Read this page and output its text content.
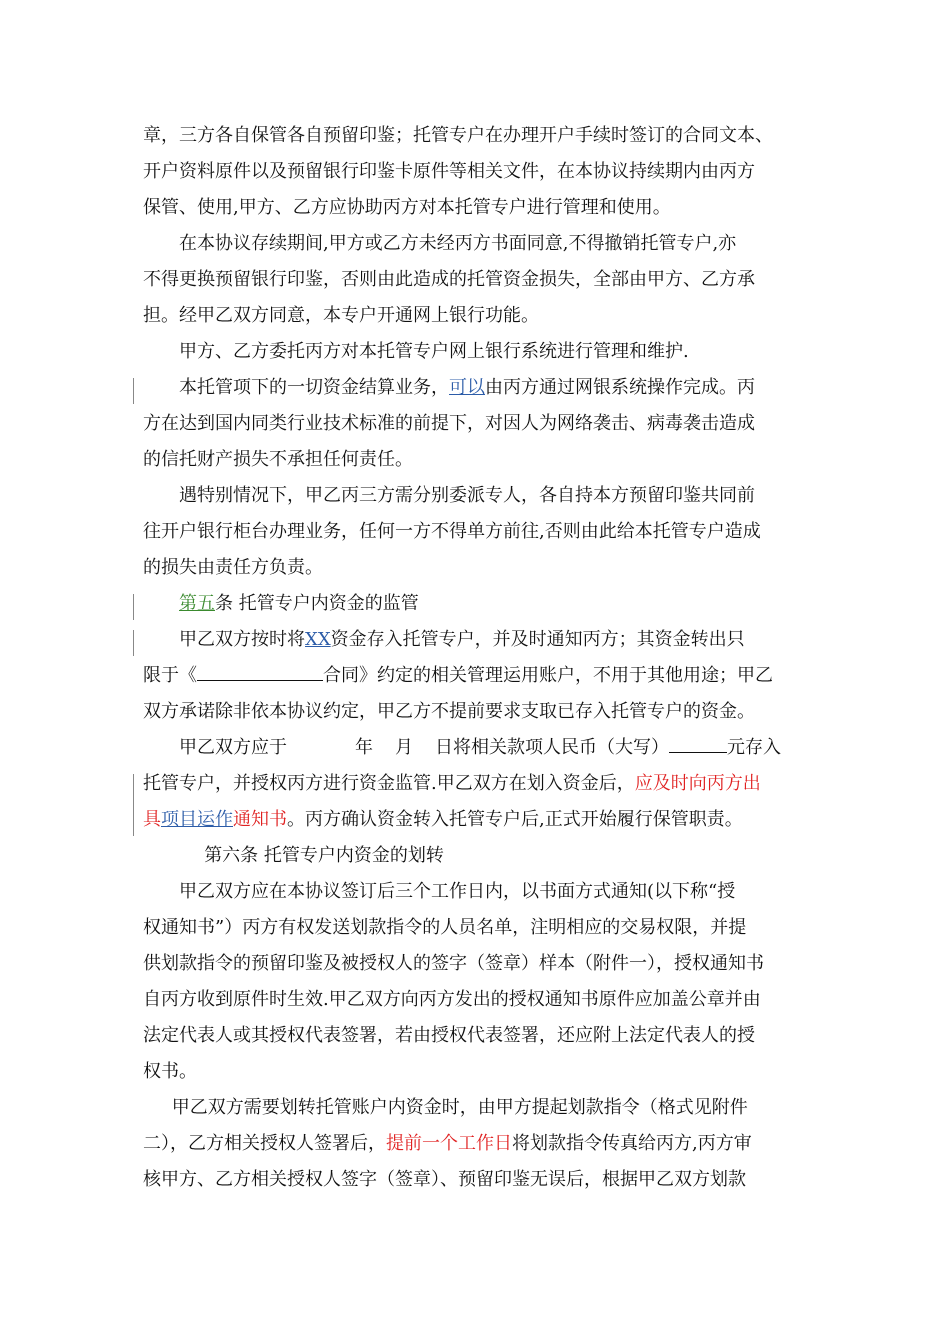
章，三方各自保管各自预留印鉴；托管专户在办理开户手续时签订的合同文本、
开户资料原件以及预留银行印鉴卡原件等相关文件，在本协议持续期内由丙方
保管、使用,甲方、乙方应协助丙方对本托管专户进行管理和使用。
在本协议存续期间,甲方或乙方未经丙方书面同意,不得撤销托管专户,亦
不得更换预留银行印鉴，否则由此造成的托管资金损失，全部由甲方、乙方承
担。经甲乙双方同意，本专户开通网上银行功能。
甲方、乙方委托丙方对本托管专户网上银行系统进行管理和维护.
本托管项下的一切资金结算业务，可以由丙方通过网银系统操作完成。丙
方在达到国内同类行业技术标准的前提下，对因人为网络袭击、病毒袭击造成
的信托财产损失不承担任何责任。
遇特别情况下，甲乙丙三方需分别委派专人，各自持本方预留印鉴共同前
往开户银行柜台办理业务，任何一方不得单方前往,否则由此给本托管专户造成
的损失由责任方负责。
第五条 托管专户内资金的监管
甲乙双方按时将XX资金存入托管专户，并及时通知丙方；其资金转出只
限于《	合同》约定的相关管理运用账户，不用于其他用途；甲乙
双方承诺除非依本协议约定，甲乙方不提前要求支取已存入托管专户的资金。
甲乙双方应于	年 月 日将相关款项人民币（大写）	元存入
托管专户，并授权丙方进行资金监管.甲乙双方在划入资金后，应及时向丙方出
具项目运作通知书。丙方确认资金转入托管专户后,正式开始履行保管职责。
第六条 托管专户内资金的划转
甲乙双方应在本协议签订后三个工作日内，以书面方式通知(以下称“授
权通知书”）丙方有权发送划款指令的人员名单，注明相应的交易权限，并提
供划款指令的预留印鉴及被授权人的签字（签章）样本（附件一），授权通知书
自丙方收到原件时生效.甲乙双方向丙方发出的授权通知书原件应加盖公章并由
法定代表人或其授权代表签署，若由授权代表签署，还应附上法定代表人的授
权书。
甲乙双方需要划转托管账户内资金时，由甲方提起划款指令（格式见附件
二），乙方相关授权人签署后，提前一个工作日将划款指令传真给丙方,丙方审
核甲方、乙方相关授权人签字（签章）、预留印鉴无误后，根据甲乙双方划款
